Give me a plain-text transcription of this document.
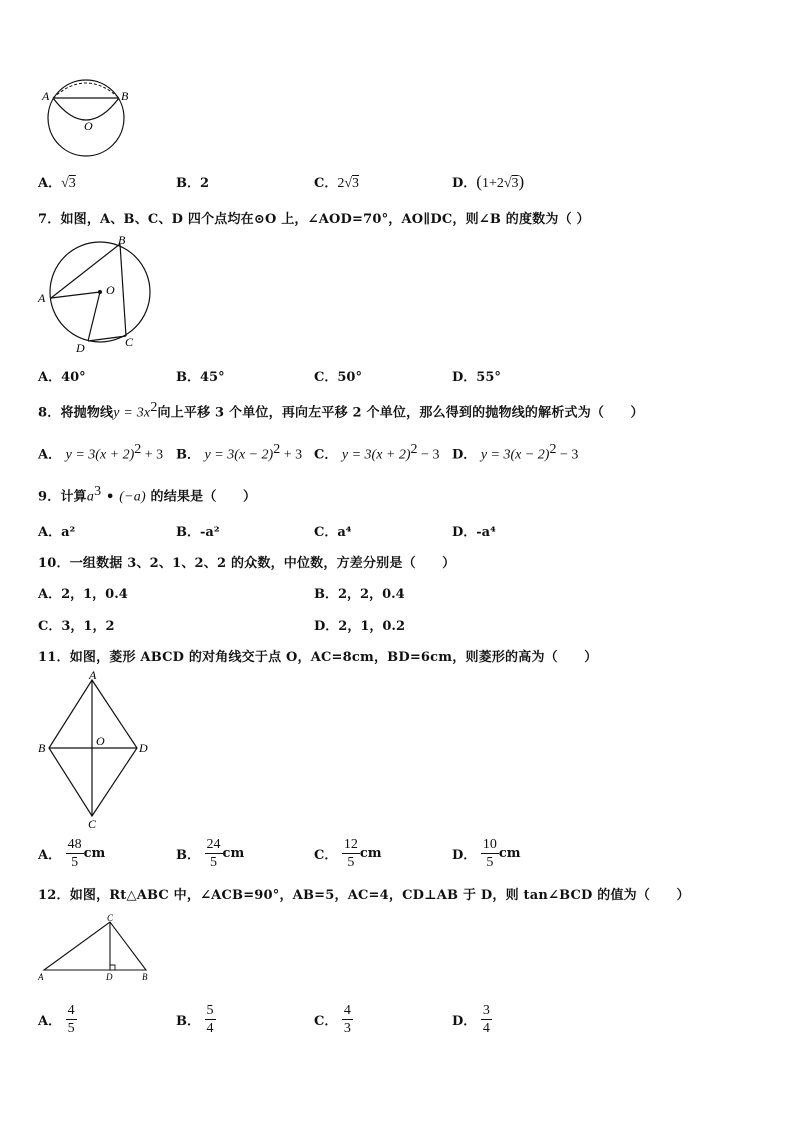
A	B
O
A．√3	B．2	C．2√3	D．(1+2√3)
7．如图，A、B、C、D 四个点均在⊙O 上，∠AOD=70°，AO∥DC，则∠B 的度数为（ ）
A
B
O
D	C
A．40°	B．45°	C．50°	D．55°
8．将抛物线$y = 3x^2$向上平移 3 个单位，再向左平移 2 个单位，那么得到的抛物线的解析式为（　　）
A． $y = 3(x + 2)^2 + 3$ B． $y = 3(x - 2)^2 + 3$ C． $y = 3(x + 2)^2 - 3$ D． $y = 3(x - 2)^2 - 3$
9．计算$a^3$ • (−a) 的结果是（　　）
A．a²	B．-a²	C．a⁴	D．-a⁴
10．一组数据 3、2、1、2、2 的众数，中位数，方差分别是（　　）
A．2，1，0.4	B．2，2，0.4
C．3，1，2	D．2，1，0.2
11．如图，菱形 ABCD 的对角线交于点 O，AC=8cm，BD=6cm，则菱形的高为（　　）
A
B	D
O
C
A． $\frac{48}{5}$ cm	B． $\frac{24}{5}$ cm	C． $\frac{12}{5}$ cm	D． $\frac{10}{5}$ cm
12．如图，Rt△ABC 中，∠ACB=90°，AB=5，AC=4，CD⊥AB 于 D，则 tan∠BCD 的值为（　　）
C
A	D	B
A． $\frac{4}{5}$	B． $\frac{5}{4}$	C． $\frac{4}{3}$	D． $\frac{3}{4}$
